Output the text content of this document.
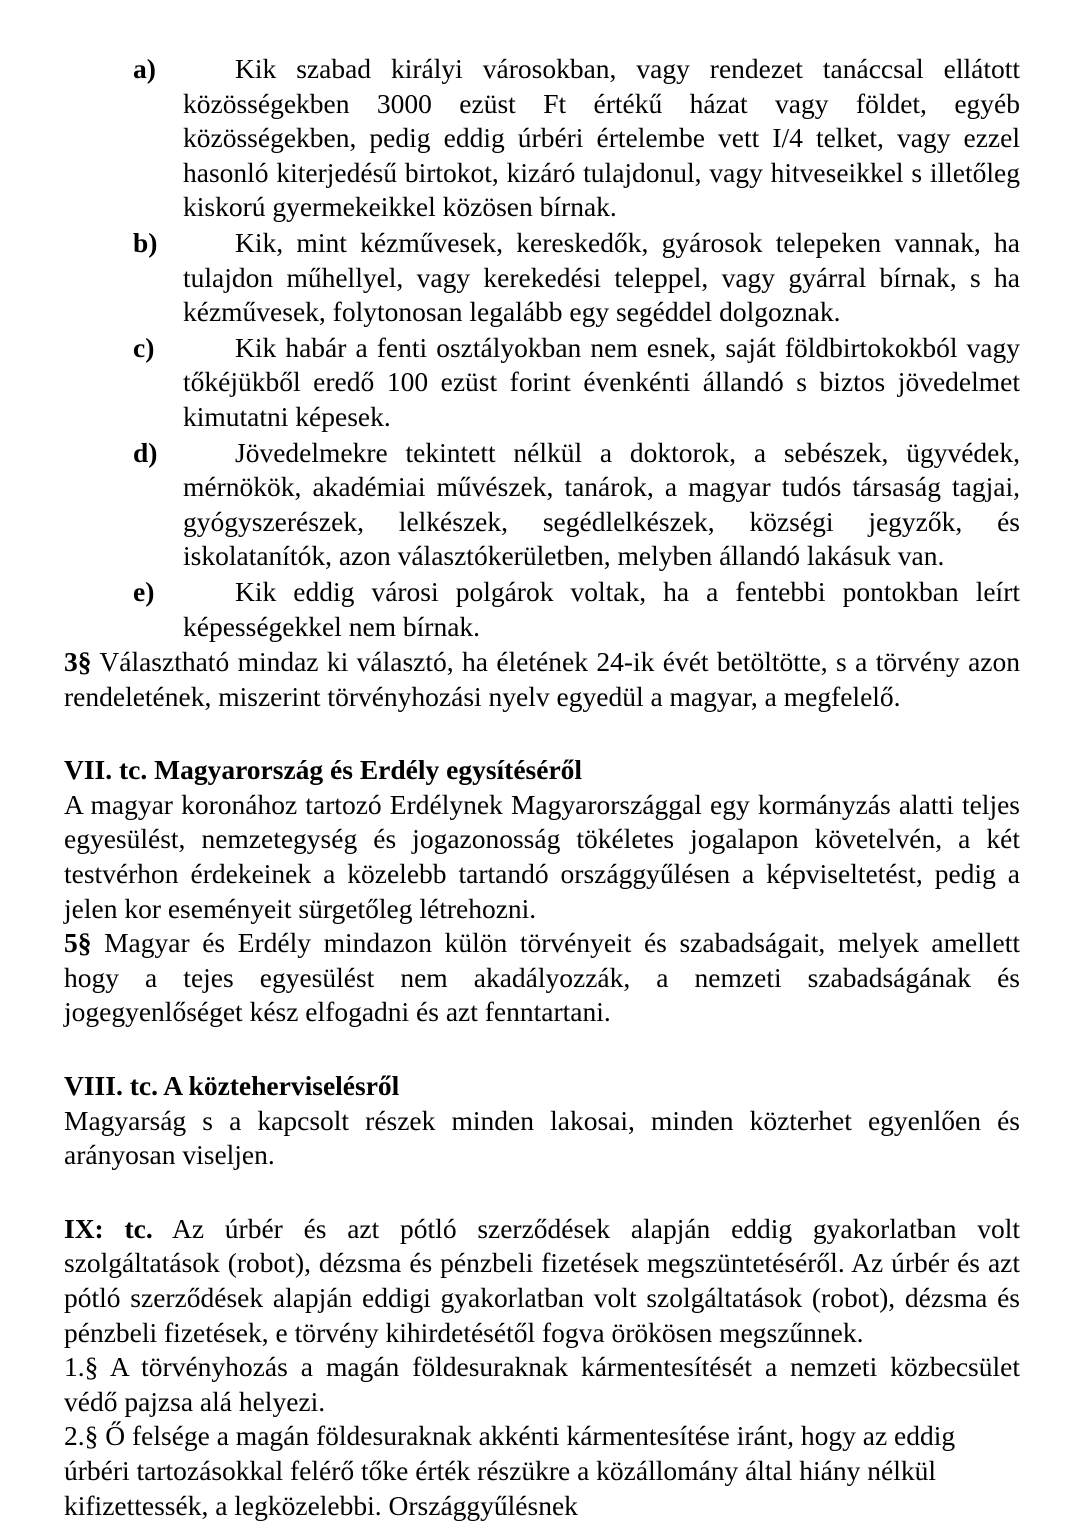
a)	Kik szabad királyi városokban, vagy rendezet tanáccsal ellátott közösségekben 3000 ezüst Ft értékű házat vagy földet, egyéb közösségekben, pedig eddig úrbéri értelembe vett I/4 telket, vagy ezzel hasonló kiterjedésű birtokot, kizáró tulajdonul, vagy hitveseikkel s illetőleg kiskorú gyermekeikkel közösen bírnak.
b)	Kik, mint kézművesek, kereskedők, gyárosok telepeken vannak, ha tulajdon műhellyel, vagy kerekedési teleppel, vagy gyárral bírnak, s ha kézművesek, folytonosan legalább egy segéddel dolgoznak.
c)	Kik habár a fenti osztályokban nem esnek, saját földbirtokokból vagy tőkéjükből eredő 100 ezüst forint évenkénti állandó s biztos jövedelmet kimutatni képesek.
d)	Jövedelmekre tekintett nélkül a doktorok, a sebészek, ügyvédek, mérnökök, akadémiai művészek, tanárok, a magyar tudós társaság tagjai, gyógyszerészek, lelkészek, segédlelkészek, községi jegyzők, és iskolatanítók, azon választókerületben, melyben állandó lakásuk van.
e)	Kik eddig városi polgárok voltak, ha a fentebbi pontokban leírt képességekkel nem bírnak.

3§ Választható mindaz ki választó, ha életének 24-ik évét betöltötte, s a törvény azon rendeletének, miszerint törvényhozási nyelv egyedül a magyar, a megfelelő.

VII. tc. Magyarország és Erdély egysítéséről

A magyar koronához tartozó Erdélynek Magyarországgal egy kormányzás alatti teljes egyesülést, nemzetegység és jogazonosság tökéletes jogalapon követelvén, a két testvérhon érdekeinek a közelebb tartandó országgyűlésen a képviseltetést, pedig a jelen kor eseményeit sürgetőleg létrehozni.

5§ Magyar és Erdély mindazon külön törvényeit és szabadságait, melyek amellett hogy a tejes egyesülést nem akadályozzák, a nemzeti szabadságának és jogegyenlőséget kész elfogadni és azt fenntartani.

VIII. tc. A közteherviselésről

Magyarság s a kapcsolt részek minden lakosai, minden közterhet egyenlően és arányosan viseljen.

IX: tc. Az úrbér és azt pótló szerződések alapján eddig gyakorlatban volt szolgáltatások (robot), dézsma és pénzbeli fizetések megszüntetéséről. Az úrbér és azt pótló szerződések alapján eddigi gyakorlatban volt szolgáltatások (robot), dézsma és pénzbeli fizetések, e törvény kihirdetésétől fogva örökösen megszűnnek.

1.§ A törvényhozás a magán földesuraknak kármentesítését a nemzeti közbecsület védő pajzsa alá helyezi.

2.§ Ő felsége a magán földesuraknak akkénti kármentesítése iránt, hogy az eddig úrbéri tartozásokkal felérő tőke érték részükre a közállomány által hiány nélkül kifizettessék, a legközelebbi. Országgyűlésnek
